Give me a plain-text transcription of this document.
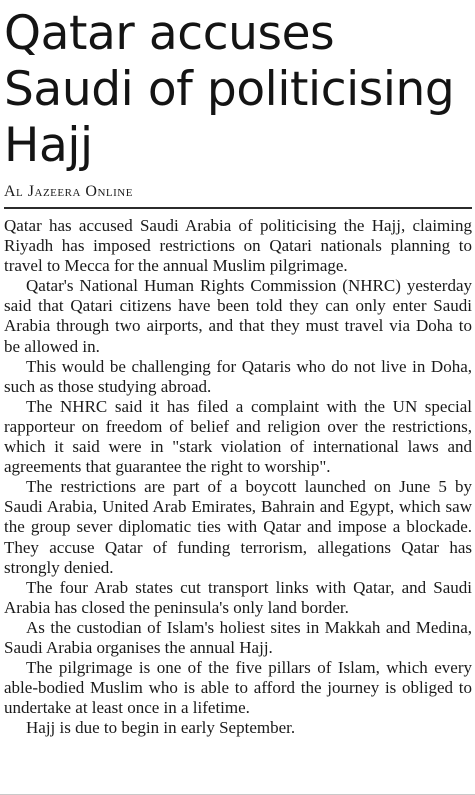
Qatar accuses Saudi of politicising Hajj
Al Jazeera Online

Qatar has accused Saudi Arabia of politicising the Hajj, claiming Riyadh has imposed restrictions on Qatari nationals planning to travel to Mecca for the annual Muslim pilgrimage.

Qatar's National Human Rights Commission (NHRC) yesterday said that Qatari citizens have been told they can only enter Saudi Arabia through two airports, and that they must travel via Doha to be allowed in.

This would be challenging for Qataris who do not live in Doha, such as those studying abroad.

The NHRC said it has filed a complaint with the UN special rapporteur on freedom of belief and religion over the restrictions, which it said were in "stark violation of international laws and agreements that guarantee the right to worship".

The restrictions are part of a boycott launched on June 5 by Saudi Arabia, United Arab Emirates, Bahrain and Egypt, which saw the group sever diplomatic ties with Qatar and impose a blockade. They accuse Qatar of funding terrorism, allegations Qatar has strongly denied.

The four Arab states cut transport links with Qatar, and Saudi Arabia has closed the peninsula's only land border.

As the custodian of Islam's holiest sites in Makkah and Medina, Saudi Arabia organises the annual Hajj.

The pilgrimage is one of the five pillars of Islam, which every able-bodied Muslim who is able to afford the journey is obliged to undertake at least once in a lifetime.

Hajj is due to begin in early September.
